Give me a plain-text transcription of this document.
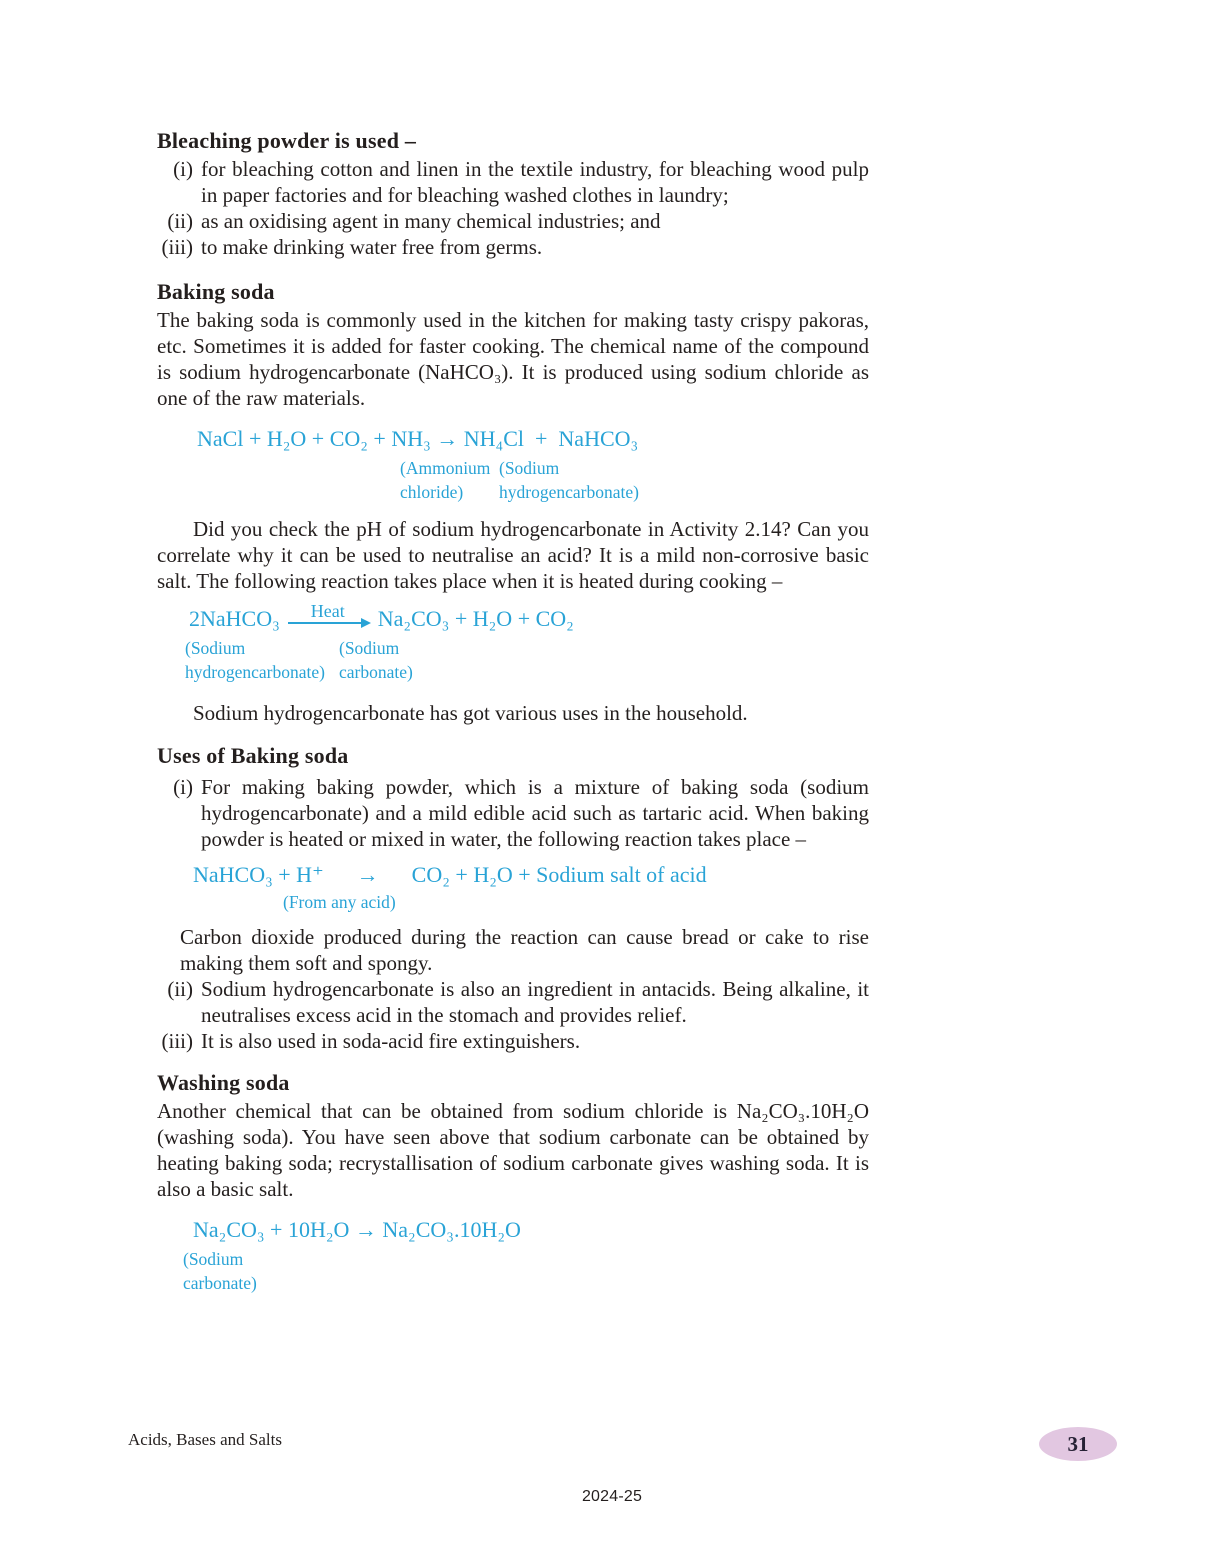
Bleaching powder is used –
(i) for bleaching cotton and linen in the textile industry, for bleaching wood pulp in paper factories and for bleaching washed clothes in laundry;

(ii) as an oxidising agent in many chemical industries; and

(iii) to make drinking water free from germs.

Baking soda

The baking soda is commonly used in the kitchen for making tasty crispy pakoras, etc. Sometimes it is added for faster cooking. The chemical name of the compound is sodium hydrogencarbonate (NaHCO₃). It is produced using sodium chloride as one of the raw materials.

NaCl + H₂O + CO₂ + NH₃ → NH₄Cl  +  NaHCO₃
(Ammonium
chloride)
(Sodium
hydrogencarbonate)

Did you check the pH of sodium hydrogencarbonate in Activity 2.14? Can you correlate why it can be used to neutralise an acid? It is a mild non-corrosive basic salt. The following reaction takes place when it is heated during cooking –

2NaHCO₃ Heat Na₂CO₃ + H₂O + CO₂
(Sodium
hydrogencarbonate)
(Sodium
carbonate)

Sodium hydrogencarbonate has got various uses in the household.

Uses of Baking soda
(i) For making baking powder, which is a mixture of baking soda (sodium hydrogencarbonate) and a mild edible acid such as tartaric acid. When baking powder is heated or mixed in water, the following reaction takes place –

NaHCO₃ + H⁺      →      CO₂ + H₂O + Sodium salt of acid
(From any acid)

Carbon dioxide produced during the reaction can cause bread or cake to rise making them soft and spongy.

(ii) Sodium hydrogencarbonate is also an ingredient in antacids. Being alkaline, it neutralises excess acid in the stomach and provides relief.

(iii) It is also used in soda-acid fire extinguishers.

Washing soda

Another chemical that can be obtained from sodium chloride is Na₂CO₃.10H₂O (washing soda). You have seen above that sodium carbonate can be obtained by heating baking soda; recrystallisation of sodium carbonate gives washing soda. It is also a basic salt.

Na₂CO₃ + 10H₂O → Na₂CO₃.10H₂O
(Sodium
carbonate)
Acids, Bases and Salts	31
2024-25
